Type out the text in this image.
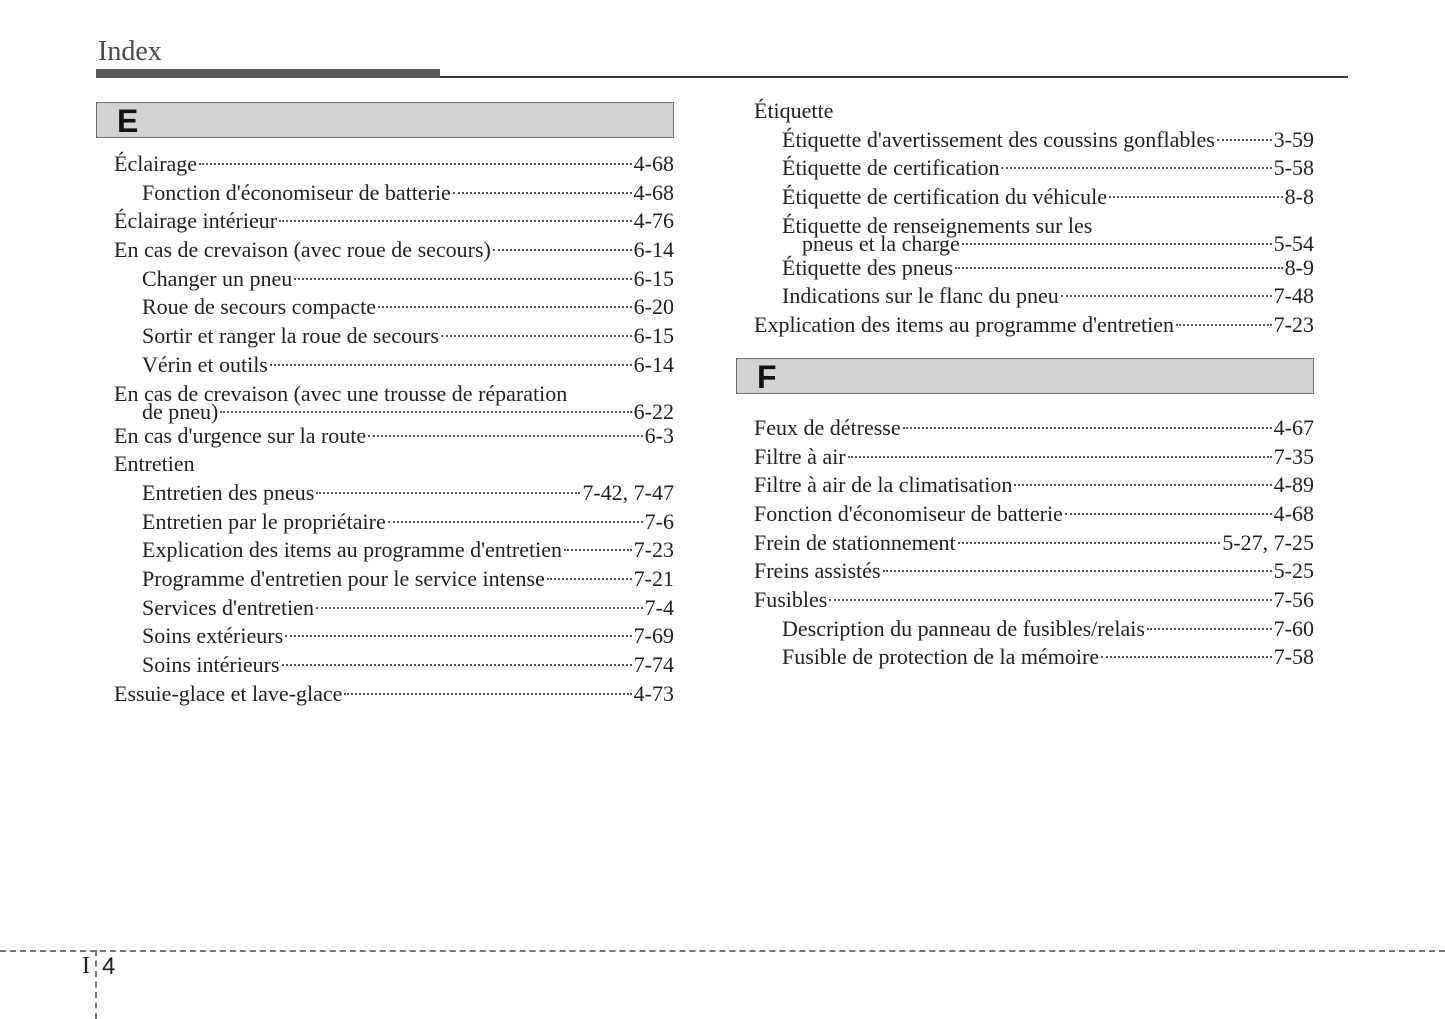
Index
E
Éclairage	4-68
Fonction d'économiseur de batterie	4-68
Éclairage intérieur	4-76
En cas de crevaison (avec roue de secours)	6-14
Changer un pneu	6-15
Roue de secours compacte	6-20
Sortir et ranger la roue de secours	6-15
Vérin et outils	6-14
En cas de crevaison (avec une trousse de réparation
de pneu)	6-22
En cas d'urgence sur la route	6-3
Entretien
Entretien des pneus	7-42, 7-47
Entretien par le propriétaire	7-6
Explication des items au programme d'entretien	7-23
Programme d'entretien pour le service intense	7-21
Services d'entretien	7-4
Soins extérieurs	7-69
Soins intérieurs	7-74
Essuie-glace et lave-glace	4-73
Étiquette
Étiquette d'avertissement des coussins gonflables	3-59
Étiquette de certification	5-58
Étiquette de certification du véhicule	8-8
Étiquette de renseignements sur les
pneus et la charge	5-54
Étiquette des pneus	8-9
Indications sur le flanc du pneu	7-48
Explication des items au programme d'entretien	7-23
F
Feux de détresse	4-67
Filtre à air	7-35
Filtre à air de la climatisation	4-89
Fonction d'économiseur de batterie	4-68
Frein de stationnement	5-27, 7-25
Freins assistés	5-25
Fusibles	7-56
Description du panneau de fusibles/relais	7-60
Fusible de protection de la mémoire	7-58
I 4
